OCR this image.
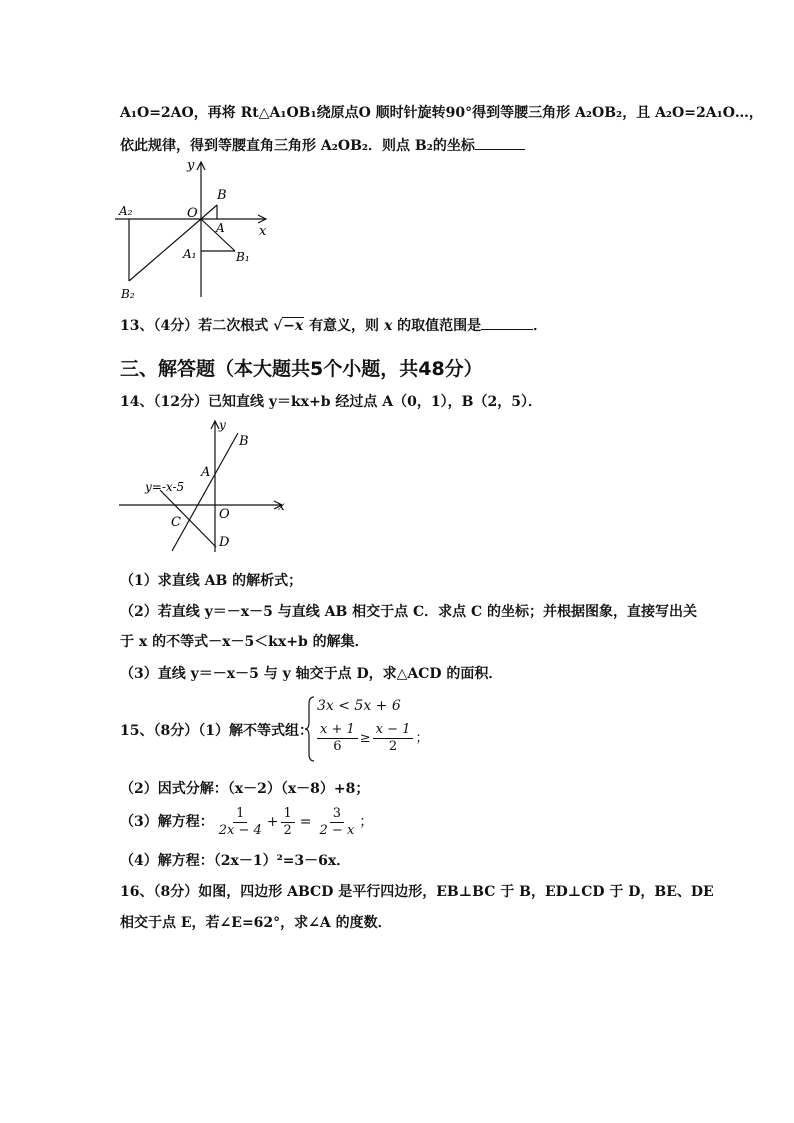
A₁O=2AO，再将 Rt△A₁OB₁绕原点O 顺时针旋转90°得到等腰三角形 A₂OB₂，且 A₂O=2A₁O…，
依此规律，得到等腰直角三角形 A₂OB₂．则点 B₂的坐标
y
x
O
B
A
A₁	B₁
A₂
B₂
13、（4分）若二次根式 √ −x 有意义，则 x 的取值范围是	．
三、解答题（本大题共5个小题，共48分）
14、（12分）已知直线 y＝kx+b 经过点 A（0，1），B（2，5）．
y
x
B
A
O
C
D
y=-x-5
（1）求直线 AB 的解析式；
（2）若直线 y＝－x－5 与直线 AB 相交于点 C．求点 C 的坐标；并根据图象，直接写出关
于 x 的不等式－x－5＜kx+b 的解集．
（3）直线 y＝－x－5 与 y 轴交于点 D，求△ACD 的面积．
15、（8分）（1）解不等式组：
3x < 5x + 6
$\frac{x + 1}{6} \ge \frac{x - 1}{2}$ ；
（2）因式分解：（x－2）（x－8）+8；
（3）解方程： $\frac{1}{2x - 4} + \frac{1}{2} = \frac{3}{2 - x}$ ；
（4）解方程：（2x－1）²=3－6x．
16、（8分）如图，四边形 ABCD 是平行四边形，EB⊥BC 于 B，ED⊥CD 于 D，BE、DE
相交于点 E，若∠E=62°，求∠A 的度数．
